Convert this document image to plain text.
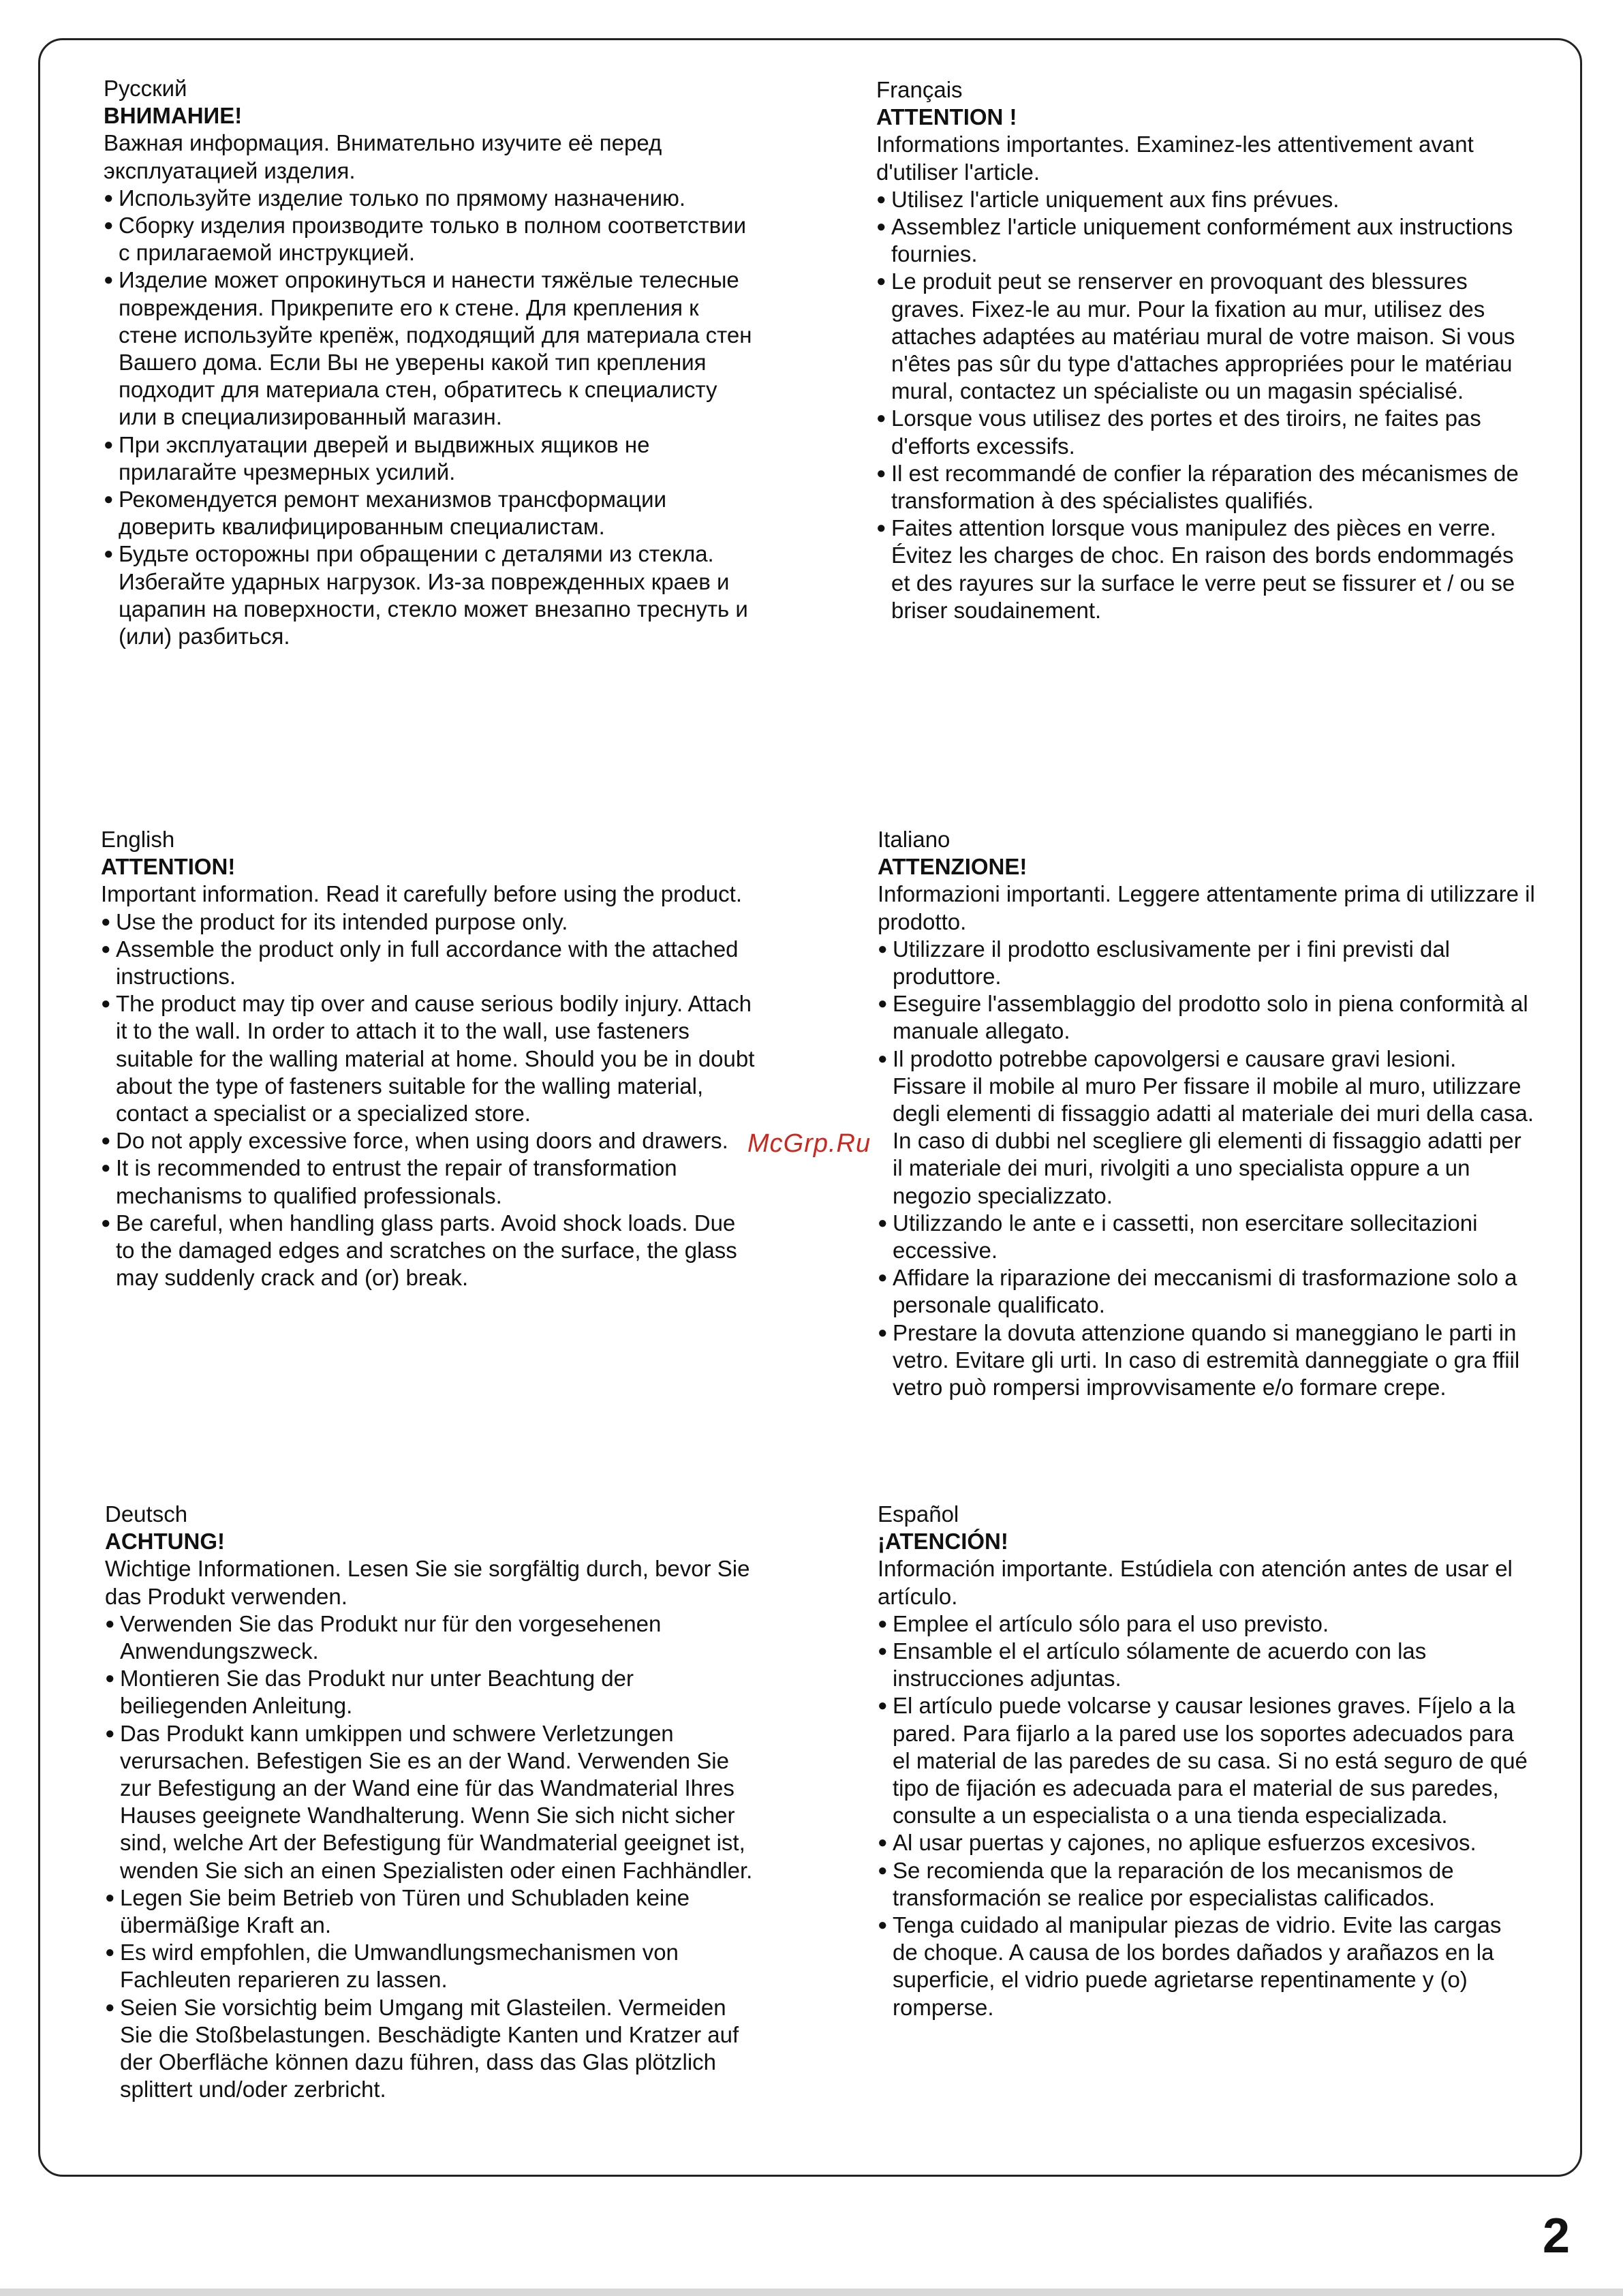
Русский

ВНИМАНИЕ!

Важная информация. Внимательно изучите её перед эксплуатацией изделия.

● Используйте изделие только по прямому назначению.
● Сборку изделия производите только в полном соответствии с прилагаемой инструкцией.
● Изделие может опрокинуться и нанести тяжёлые телесные повреждения. Прикрепите его к стене. Для крепления к стене используйте крепёж, подходящий для материала стен Вашего дома. Если Вы не уверены какой тип крепления подходит для материала стен, обратитесь к специалисту или в специализированный магазин.
● При эксплуатации дверей и выдвижных ящиков не прилагайте чрезмерных усилий.
● Рекомендуется ремонт механизмов трансформации доверить квалифицированным специалистам.
● Будьте осторожны при обращении с деталями из стекла. Избегайте ударных нагрузок. Из-за поврежденных краев и царапин на поверхности, стекло может внезапно треснуть и (или) разбиться.

Français

ATTENTION !

Informations importantes. Examinez-les attentivement avant d'utiliser l'article.

● Utilisez l'article uniquement aux fins prévues.
● Assemblez l'article uniquement conformément aux instructions fournies.
● Le produit peut se renserver en provoquant des blessures graves. Fixez-le au mur. Pour la fixation au mur, utilisez des attaches adaptées au matériau mural de votre maison. Si vous n'êtes pas sûr du type d'attaches appropriées pour le matériau mural, contactez un spécialiste ou un magasin spécialisé.
● Lorsque vous utilisez des portes et des tiroirs, ne faites pas d'efforts excessifs.
● Il est recommandé de confier la réparation des mécanismes de transformation à des spécialistes qualifiés.
● Faites attention lorsque vous manipulez des pièces en verre. Évitez les charges de choc. En raison des bords endommagés et des rayures sur la surface le verre peut se fissurer et / ou se briser soudainement.

English

ATTENTION!

Important information. Read it carefully before using the product.

● Use the product for its intended purpose only.
● Assemble the product only in full accordance with the attached instructions.
● The product may tip over and cause serious bodily injury. Attach it to the wall. In order to attach it to the wall, use fasteners suitable for the walling material at home. Should you be in doubt about the type of fasteners suitable for the walling material, contact a specialist or a specialized store.
● Do not apply excessive force, when using doors and drawers.
● It is recommended to entrust the repair of transformation mechanisms to qualified professionals.
● Be careful, when handling glass parts. Avoid shock loads. Due to the damaged edges and scratches on the surface, the glass may suddenly crack and (or) break.

Italiano

ATTENZIONE!

Informazioni importanti. Leggere attentamente prima di utilizzare il prodotto.

● Utilizzare il prodotto esclusivamente per i fini previsti dal produttore.
● Eseguire l'assemblaggio del prodotto solo in piena conformità al manuale allegato.
● Il prodotto potrebbe capovolgersi e causare gravi lesioni. Fissare il mobile al muro Per fissare il mobile al muro, utilizzare degli elementi di fissaggio adatti al materiale dei muri della casa. In caso di dubbi nel scegliere gli elementi di fissaggio adatti per il materiale dei muri, rivolgiti a uno specialista oppure a un negozio specializzato.
● Utilizzando le ante e i cassetti, non esercitare sollecitazioni eccessive.
● Affidare la riparazione dei meccanismi di trasformazione solo a personale qualificato.
● Prestare la dovuta attenzione quando si maneggiano le parti in vetro. Evitare gli urti. In caso di estremità danneggiate o gra ffiil vetro può rompersi improvvisamente e/o formare crepe.

Deutsch

ACHTUNG!

Wichtige Informationen. Lesen Sie sie sorgfältig durch, bevor Sie das Produkt verwenden.

● Verwenden Sie das Produkt nur für den vorgesehenen Anwendungszweck.
● Montieren Sie das Produkt nur unter Beachtung der beiliegenden Anleitung.
● Das Produkt kann umkippen und schwere Verletzungen verursachen. Befestigen Sie es an der Wand. Verwenden Sie zur Befestigung an der Wand eine für das Wandmaterial Ihres Hauses geeignete Wandhalterung. Wenn Sie sich nicht sicher sind, welche Art der Befestigung für Wandmaterial geeignet ist, wenden Sie sich an einen Spezialisten oder einen Fachhändler.
● Legen Sie beim Betrieb von Türen und Schubladen keine übermäßige Kraft an.
● Es wird empfohlen, die Umwandlungsmechanismen von Fachleuten reparieren zu lassen.
● Seien Sie vorsichtig beim Umgang mit Glasteilen. Vermeiden Sie die Stoßbelastungen. Beschädigte Kanten und Kratzer auf der Oberfläche können dazu führen, dass das Glas plötzlich splittert und/oder zerbricht.

Español

¡ATENCIÓN!

Información importante. Estúdiela con atención antes de usar el artículo.

● Emplee el artículo sólo para el uso previsto.
● Ensamble el el artículo sólamente de acuerdo con las instrucciones adjuntas.
● El artículo puede volcarse y causar lesiones graves. Fíjelo a la pared. Para fijarlo a la pared use los soportes adecuados para el material de las paredes de su casa. Si no está seguro de qué tipo de fijación es adecuada para el material de sus paredes, consulte a un especialista o a una tienda especializada.
● Al usar puertas y cajones, no aplique esfuerzos excesivos.
● Se recomienda que la reparación de los mecanismos de transformación se realice por especialistas calificados.
● Tenga cuidado al manipular piezas de vidrio. Evite las cargas de choque. A causa de los bordes dañados y arañazos en la superficie, el vidrio puede agrietarse repentinamente y (o) romperse.
McGrp.Ru
2
